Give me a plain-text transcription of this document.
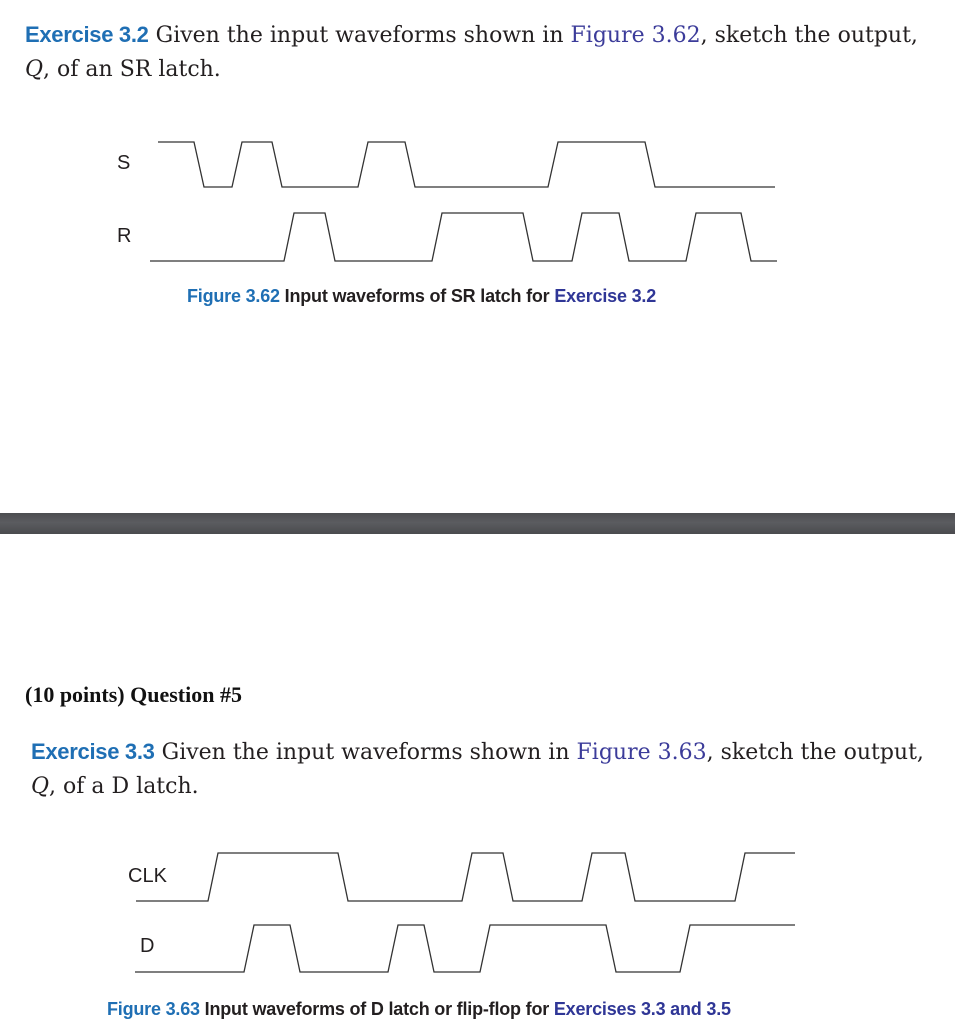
Exercise 3.2 Given the input waveforms shown in Figure 3.62, sketch the output,
Q, of an SR latch.
S
R
Figure 3.62 Input waveforms of SR latch for Exercise 3.2
(10 points) Question #5
Exercise 3.3 Given the input waveforms shown in Figure 3.63, sketch the output,
Q, of a D latch.
CLK
D
Figure 3.63 Input waveforms of D latch or flip-flop for Exercises 3.3 and 3.5
